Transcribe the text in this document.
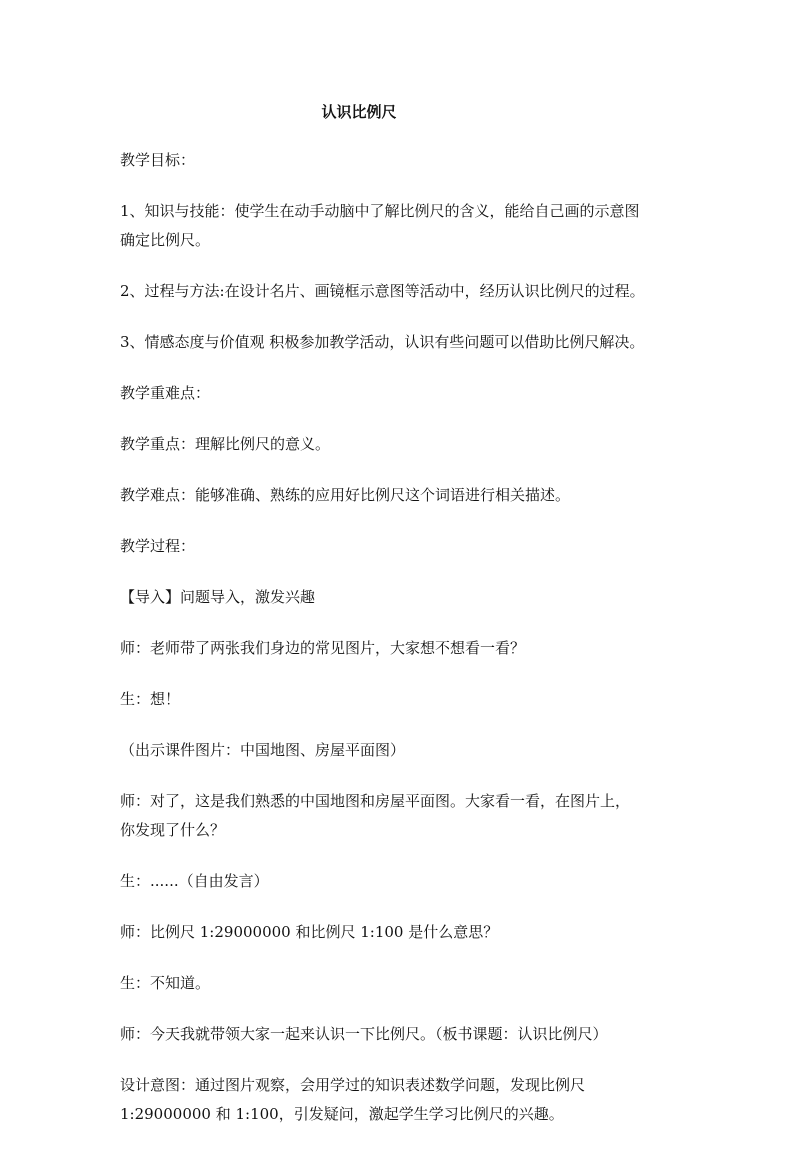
认识比例尺

教学目标：

1、知识与技能：使学生在动手动脑中了解比例尺的含义，能给自己画的示意图
确定比例尺。

2、过程与方法:在设计名片、画镜框示意图等活动中，经历认识比例尺的过程。

3、情感态度与价值观 积极参加教学活动，认识有些问题可以借助比例尺解决。

教学重难点：

教学重点：理解比例尺的意义。

教学难点：能够准确、熟练的应用好比例尺这个词语进行相关描述。

教学过程：

【导入】问题导入，激发兴趣

师：老师带了两张我们身边的常见图片，大家想不想看一看？

生：想！

（出示课件图片：中国地图、房屋平面图）

师：对了，这是我们熟悉的中国地图和房屋平面图。大家看一看，在图片上，
你发现了什么？

生：......（自由发言）

师：比例尺 1:29000000 和比例尺 1:100 是什么意思？

生：不知道。

师：今天我就带领大家一起来认识一下比例尺。（板书课题：认识比例尺）

设计意图：通过图片观察，会用学过的知识表述数学问题，发现比例尺
1:29000000 和 1:100，引发疑问，激起学生学习比例尺的兴趣。
